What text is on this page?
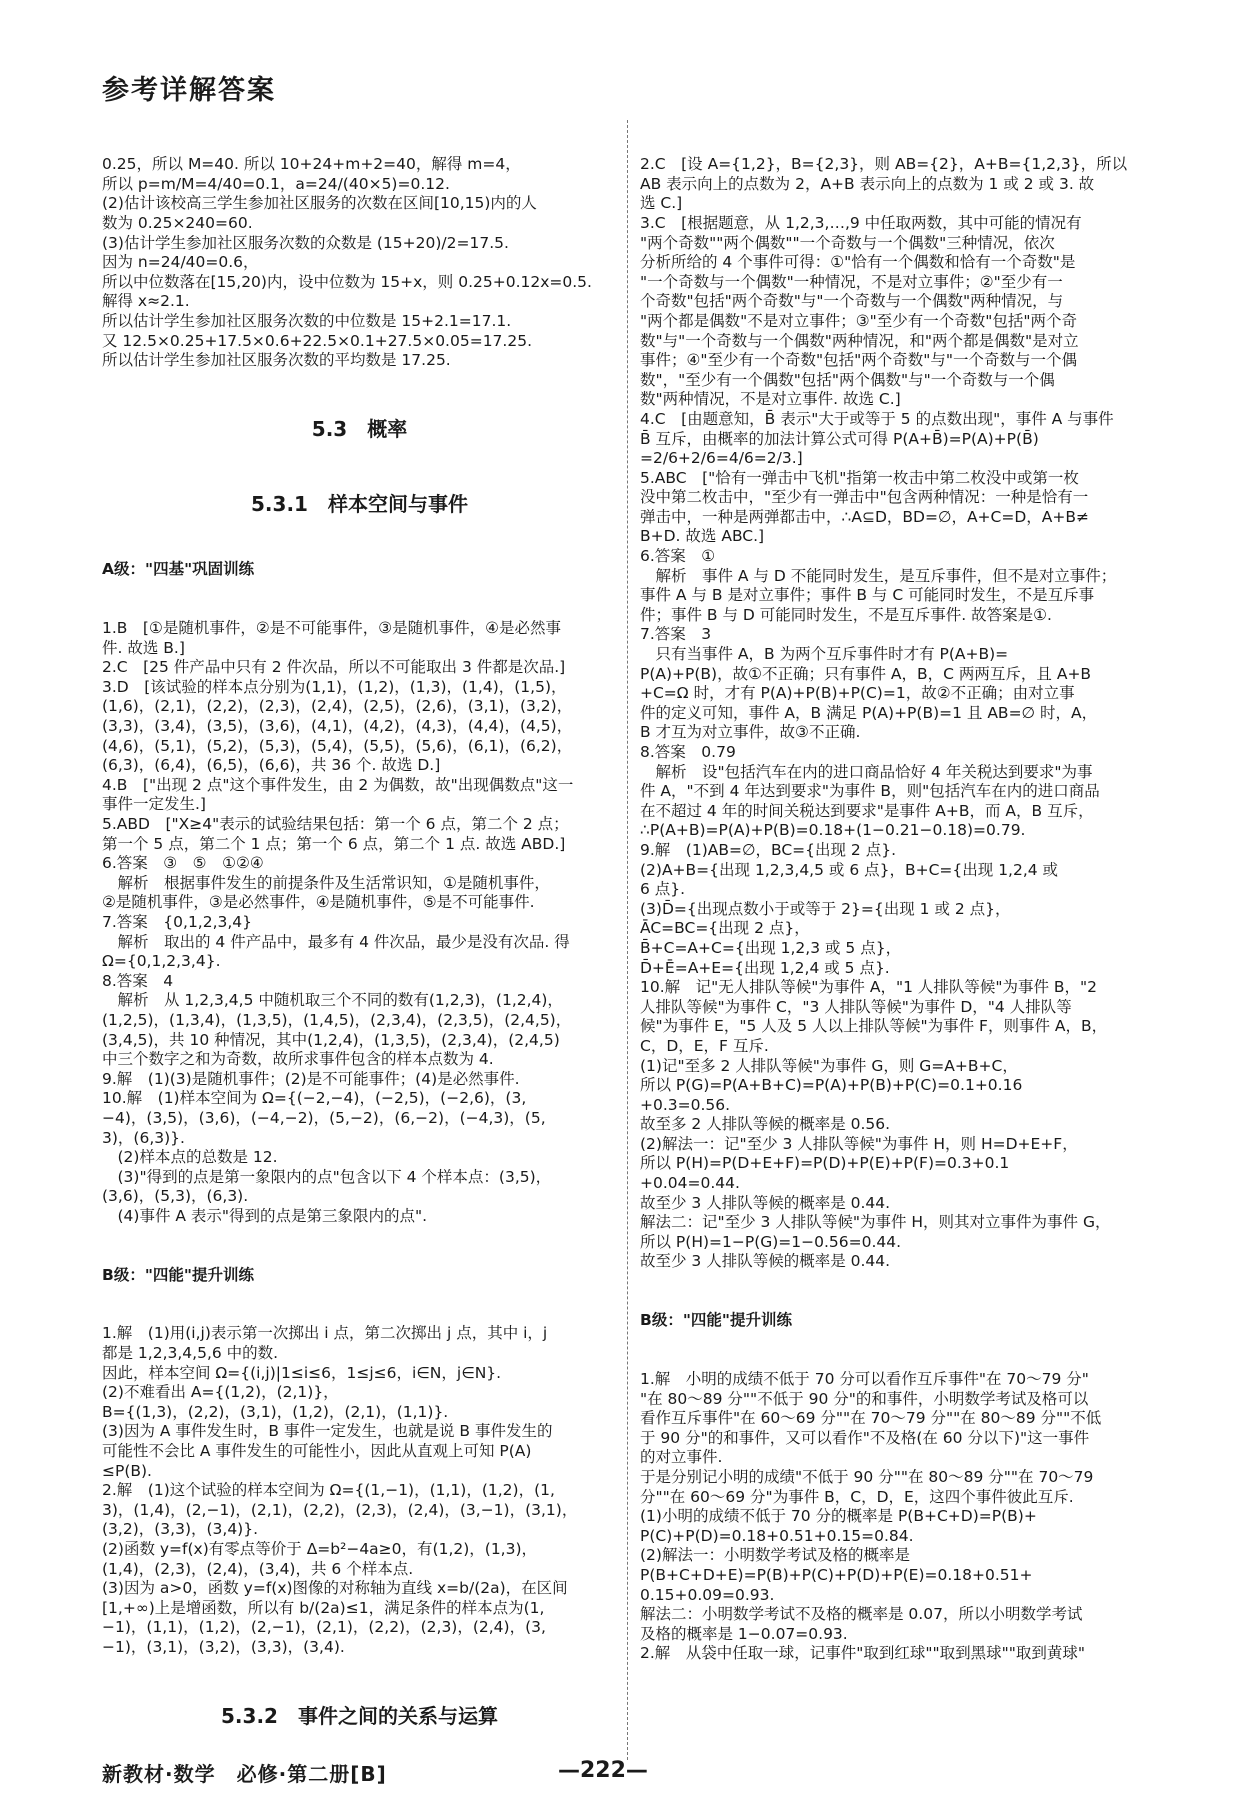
参考详解答案

0.25，所以 M=40. 所以 10+24+m+2=40，解得 m=4，
所以 p=m/M=4/40=0.1，a=24/(40×5)=0.12.
(2)估计该校高三学生参加社区服务的次数在区间[10,15)内的人
数为 0.25×240=60.
(3)估计学生参加社区服务次数的众数是 (15+20)/2=17.5.
因为 n=24/40=0.6，
所以中位数落在[15,20)内，设中位数为 15+x，则 0.25+0.12x=0.5.
解得 x≈2.1.
所以估计学生参加社区服务次数的中位数是 15+2.1=17.1.
又 12.5×0.25+17.5×0.6+22.5×0.1+27.5×0.05=17.25.
所以估计学生参加社区服务次数的平均数是 17.25.

5.3　概率

5.3.1　样本空间与事件

A级："四基"巩固训练

1.B　[①是随机事件，②是不可能事件，③是随机事件，④是必然事
件. 故选 B.]
2.C　[25 件产品中只有 2 件次品，所以不可能取出 3 件都是次品.]
3.D　[该试验的样本点分别为(1,1)，(1,2)，(1,3)，(1,4)，(1,5)，
(1,6)，(2,1)，(2,2)，(2,3)，(2,4)，(2,5)，(2,6)，(3,1)，(3,2)，
(3,3)，(3,4)，(3,5)，(3,6)，(4,1)，(4,2)，(4,3)，(4,4)，(4,5)，
(4,6)，(5,1)，(5,2)，(5,3)，(5,4)，(5,5)，(5,6)，(6,1)，(6,2)，
(6,3)，(6,4)，(6,5)，(6,6)，共 36 个. 故选 D.]
4.B　["出现 2 点"这个事件发生，由 2 为偶数，故"出现偶数点"这一
事件一定发生.]
5.ABD　["X≥4"表示的试验结果包括：第一个 6 点，第二个 2 点；
第一个 5 点，第二个 1 点；第一个 6 点，第二个 1 点. 故选 ABD.]
6.答案　③　⑤　①②④
　解析　根据事件发生的前提条件及生活常识知，①是随机事件，
②是随机事件，③是必然事件，④是随机事件，⑤是不可能事件.
7.答案　{0,1,2,3,4}
　解析　取出的 4 件产品中，最多有 4 件次品，最少是没有次品. 得
Ω={0,1,2,3,4}.
8.答案　4
　解析　从 1,2,3,4,5 中随机取三个不同的数有(1,2,3)，(1,2,4)，
(1,2,5)，(1,3,4)，(1,3,5)，(1,4,5)，(2,3,4)，(2,3,5)，(2,4,5)，
(3,4,5)，共 10 种情况，其中(1,2,4)，(1,3,5)，(2,3,4)，(2,4,5)
中三个数字之和为奇数，故所求事件包含的样本点数为 4.
9.解　(1)(3)是随机事件；(2)是不可能事件；(4)是必然事件.
10.解　(1)样本空间为 Ω={(−2,−4)，(−2,5)，(−2,6)，(3,
−4)，(3,5)，(3,6)，(−4,−2)，(5,−2)，(6,−2)，(−4,3)，(5,
3)，(6,3)}.
　(2)样本点的总数是 12.
　(3)"得到的点是第一象限内的点"包含以下 4 个样本点：(3,5)，
(3,6)，(5,3)，(6,3).
　(4)事件 A 表示"得到的点是第三象限内的点".

B级："四能"提升训练

1.解　(1)用(i,j)表示第一次掷出 i 点，第二次掷出 j 点，其中 i，j
都是 1,2,3,4,5,6 中的数.
因此，样本空间 Ω={(i,j)|1≤i≤6，1≤j≤6，i∈N，j∈N}.
(2)不难看出 A={(1,2)，(2,1)}，
B={(1,3)，(2,2)，(3,1)，(1,2)，(2,1)，(1,1)}.
(3)因为 A 事件发生时，B 事件一定发生，也就是说 B 事件发生的
可能性不会比 A 事件发生的可能性小，因此从直观上可知 P(A)
≤P(B).
2.解　(1)这个试验的样本空间为 Ω={(1,−1)，(1,1)，(1,2)，(1,
3)，(1,4)，(2,−1)，(2,1)，(2,2)，(2,3)，(2,4)，(3,−1)，(3,1)，
(3,2)，(3,3)，(3,4)}.
(2)函数 y=f(x)有零点等价于 Δ=b²−4a≥0，有(1,2)，(1,3)，
(1,4)，(2,3)，(2,4)，(3,4)，共 6 个样本点.
(3)因为 a>0，函数 y=f(x)图像的对称轴为直线 x=b/(2a)，在区间
[1,+∞)上是增函数，所以有 b/(2a)≤1，满足条件的样本点为(1,
−1)，(1,1)，(1,2)，(2,−1)，(2,1)，(2,2)，(2,3)，(2,4)，(3,
−1)，(3,1)，(3,2)，(3,3)，(3,4).

5.3.2　事件之间的关系与运算

2.C　[设 A={1,2}，B={2,3}，则 AB={2}，A+B={1,2,3}，所以
AB 表示向上的点数为 2，A+B 表示向上的点数为 1 或 2 或 3. 故
选 C.]
3.C　[根据题意，从 1,2,3,…,9 中任取两数，其中可能的情况有
"两个奇数""两个偶数""一个奇数与一个偶数"三种情况，依次
分析所给的 4 个事件可得：①"恰有一个偶数和恰有一个奇数"是
"一个奇数与一个偶数"一种情况，不是对立事件；②"至少有一
个奇数"包括"两个奇数"与"一个奇数与一个偶数"两种情况，与
"两个都是偶数"不是对立事件；③"至少有一个奇数"包括"两个奇
数"与"一个奇数与一个偶数"两种情况，和"两个都是偶数"是对立
事件；④"至少有一个奇数"包括"两个奇数"与"一个奇数与一个偶
数"，"至少有一个偶数"包括"两个偶数"与"一个奇数与一个偶
数"两种情况，不是对立事件. 故选 C.]
4.C　[由题意知，B̄ 表示"大于或等于 5 的点数出现"，事件 A 与事件
B̄ 互斥，由概率的加法计算公式可得 P(A+B̄)=P(A)+P(B̄)
=2/6+2/6=4/6=2/3.]
5.ABC　["恰有一弹击中飞机"指第一枚击中第二枚没中或第一枚
没中第二枚击中，"至少有一弹击中"包含两种情况：一种是恰有一
弹击中，一种是两弹都击中，∴A⊆D，BD=∅，A+C=D，A+B≠
B+D. 故选 ABC.]
6.答案　①
　解析　事件 A 与 D 不能同时发生，是互斥事件，但不是对立事件；
事件 A 与 B 是对立事件；事件 B 与 C 可能同时发生，不是互斥事
件；事件 B 与 D 可能同时发生，不是互斥事件. 故答案是①.
7.答案　3
　只有当事件 A，B 为两个互斥事件时才有 P(A+B)=
P(A)+P(B)，故①不正确；只有事件 A，B，C 两两互斥，且 A+B
+C=Ω 时，才有 P(A)+P(B)+P(C)=1，故②不正确；由对立事
件的定义可知，事件 A，B 满足 P(A)+P(B)=1 且 AB=∅ 时，A，
B 才互为对立事件，故③不正确.
8.答案　0.79
　解析　设"包括汽车在内的进口商品恰好 4 年关税达到要求"为事
件 A，"不到 4 年达到要求"为事件 B，则"包括汽车在内的进口商品
在不超过 4 年的时间关税达到要求"是事件 A+B，而 A，B 互斥，
∴P(A+B)=P(A)+P(B)=0.18+(1−0.21−0.18)=0.79.
9.解　(1)AB=∅，BC={出现 2 点}.
(2)A+B={出现 1,2,3,4,5 或 6 点}，B+C={出现 1,2,4 或
6 点}.
(3)D̄={出现点数小于或等于 2}={出现 1 或 2 点}，
ĀC=BC={出现 2 点}，
B̄+C=A+C={出现 1,2,3 或 5 点}，
D̄+Ē=A+E={出现 1,2,4 或 5 点}.
10.解　记"无人排队等候"为事件 A，"1 人排队等候"为事件 B，"2
人排队等候"为事件 C，"3 人排队等候"为事件 D，"4 人排队等
候"为事件 E，"5 人及 5 人以上排队等候"为事件 F，则事件 A，B，
C，D，E，F 互斥.
(1)记"至多 2 人排队等候"为事件 G，则 G=A+B+C，
所以 P(G)=P(A+B+C)=P(A)+P(B)+P(C)=0.1+0.16
+0.3=0.56.
故至多 2 人排队等候的概率是 0.56.
(2)解法一：记"至少 3 人排队等候"为事件 H，则 H=D+E+F，
所以 P(H)=P(D+E+F)=P(D)+P(E)+P(F)=0.3+0.1
+0.04=0.44.
故至少 3 人排队等候的概率是 0.44.
解法二：记"至少 3 人排队等候"为事件 H，则其对立事件为事件 G，
所以 P(H)=1−P(G)=1−0.56=0.44.
故至少 3 人排队等候的概率是 0.44.

B级："四能"提升训练

1.解　小明的成绩不低于 70 分可以看作互斥事件"在 70～79 分"
"在 80～89 分""不低于 90 分"的和事件，小明数学考试及格可以
看作互斥事件"在 60～69 分""在 70～79 分""在 80～89 分""不低
于 90 分"的和事件，又可以看作"不及格(在 60 分以下)"这一事件
的对立事件.
于是分别记小明的成绩"不低于 90 分""在 80～89 分""在 70～79
分""在 60～69 分"为事件 B，C，D，E，这四个事件彼此互斥.
(1)小明的成绩不低于 70 分的概率是 P(B+C+D)=P(B)+
P(C)+P(D)=0.18+0.51+0.15=0.84.
(2)解法一：小明数学考试及格的概率是
P(B+C+D+E)=P(B)+P(C)+P(D)+P(E)=0.18+0.51+
0.15+0.09=0.93.
解法二：小明数学考试不及格的概率是 0.07，所以小明数学考试
及格的概率是 1−0.07=0.93.
2.解　从袋中任取一球，记事件"取到红球""取到黑球""取到黄球"

新教材·数学　必修·第二册[B]	—222—
